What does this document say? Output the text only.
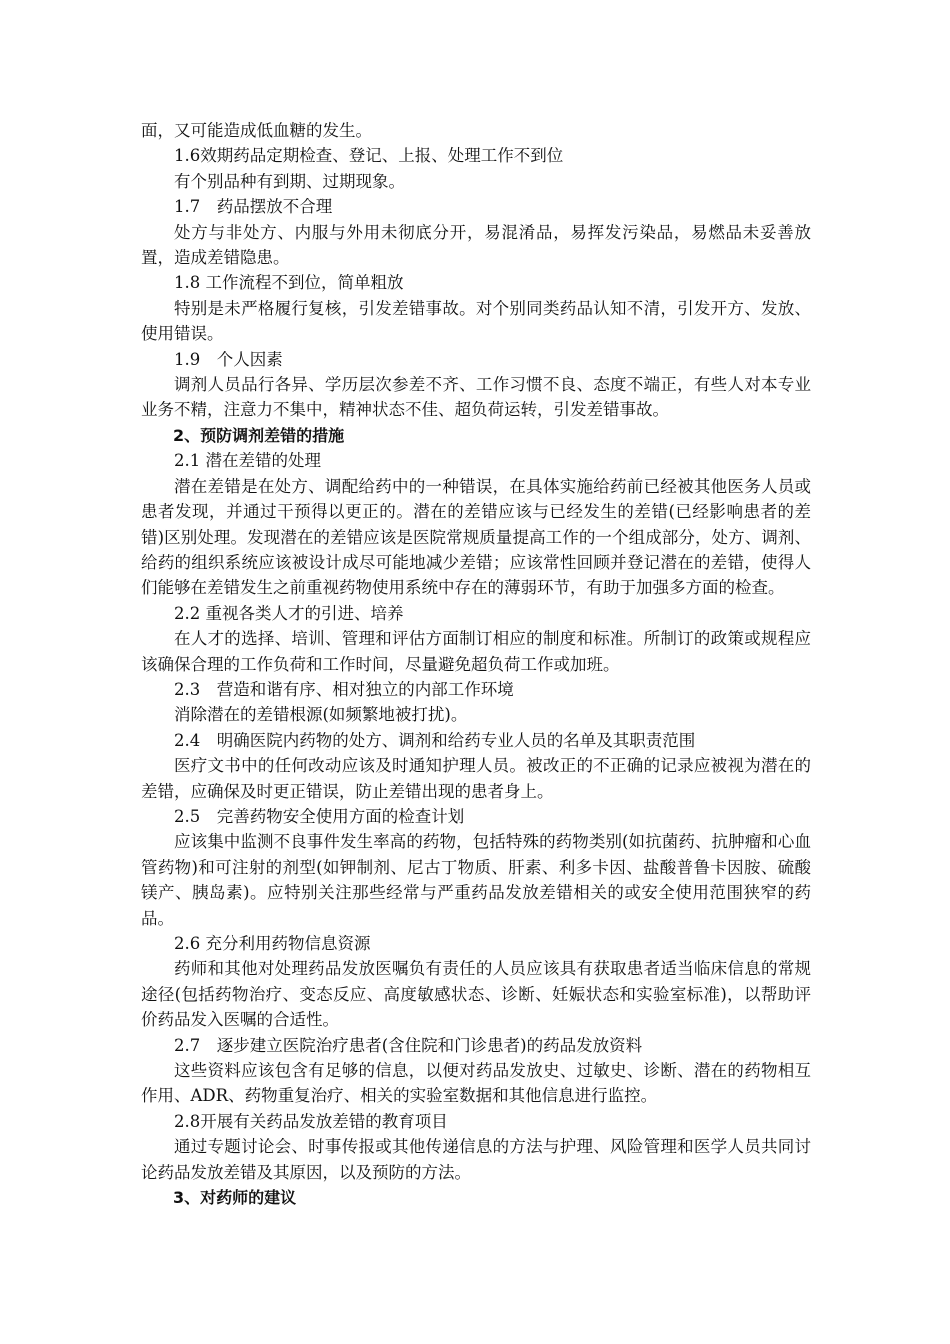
面，又可能造成低血糖的发生。

1.6效期药品定期检查、登记、上报、处理工作不到位

有个别品种有到期、过期现象。

1.7　药品摆放不合理

处方与非处方、内服与外用未彻底分开，易混淆品，易挥发污染品，易燃品未妥善放置，造成差错隐患。

1.8 工作流程不到位，简单粗放

特别是未严格履行复核，引发差错事故。对个别同类药品认知不清，引发开方、发放、使用错误。

1.9　个人因素

调剂人员品行各异、学历层次参差不齐、工作习惯不良、态度不端正，有些人对本专业业务不精，注意力不集中，精神状态不佳、超负荷运转，引发差错事故。

2、预防调剂差错的措施

2.1 潜在差错的处理

潜在差错是在处方、调配给药中的一种错误，在具体实施给药前已经被其他医务人员或患者发现，并通过干预得以更正的。潜在的差错应该与已经发生的差错(已经影响患者的差错)区别处理。发现潜在的差错应该是医院常规质量提高工作的一个组成部分，处方、调剂、给药的组织系统应该被设计成尽可能地减少差错；应该常性回顾并登记潜在的差错，使得人们能够在差错发生之前重视药物使用系统中存在的薄弱环节，有助于加强多方面的检查。

2.2 重视各类人才的引进、培养

在人才的选择、培训、管理和评估方面制订相应的制度和标准。所制订的政策或规程应该确保合理的工作负荷和工作时间，尽量避免超负荷工作或加班。

2.3　营造和谐有序、相对独立的内部工作环境

消除潜在的差错根源(如频繁地被打扰)。

2.4　明确医院内药物的处方、调剂和给药专业人员的名单及其职责范围

医疗文书中的任何改动应该及时通知护理人员。被改正的不正确的记录应被视为潜在的差错，应确保及时更正错误，防止差错出现的患者身上。

2.5　完善药物安全使用方面的检查计划

应该集中监测不良事件发生率高的药物，包括特殊的药物类别(如抗菌药、抗肿瘤和心血管药物)和可注射的剂型(如钾制剂、尼古丁物质、肝素、利多卡因、盐酸普鲁卡因胺、硫酸镁产、胰岛素)。应特别关注那些经常与严重药品发放差错相关的或安全使用范围狭窄的药品。

2.6 充分利用药物信息资源

药师和其他对处理药品发放医嘱负有责任的人员应该具有获取患者适当临床信息的常规途径(包括药物治疗、变态反应、高度敏感状态、诊断、妊娠状态和实验室标准)，以帮助评价药品发入医嘱的合适性。

2.7　逐步建立医院治疗患者(含住院和门诊患者)的药品发放资料

这些资料应该包含有足够的信息，以便对药品发放史、过敏史、诊断、潜在的药物相互作用、ADR、药物重复治疗、相关的实验室数据和其他信息进行监控。

2.8开展有关药品发放差错的教育项目

通过专题讨论会、时事传报或其他传递信息的方法与护理、风险管理和医学人员共同讨论药品发放差错及其原因，以及预防的方法。

3、对药师的建议
